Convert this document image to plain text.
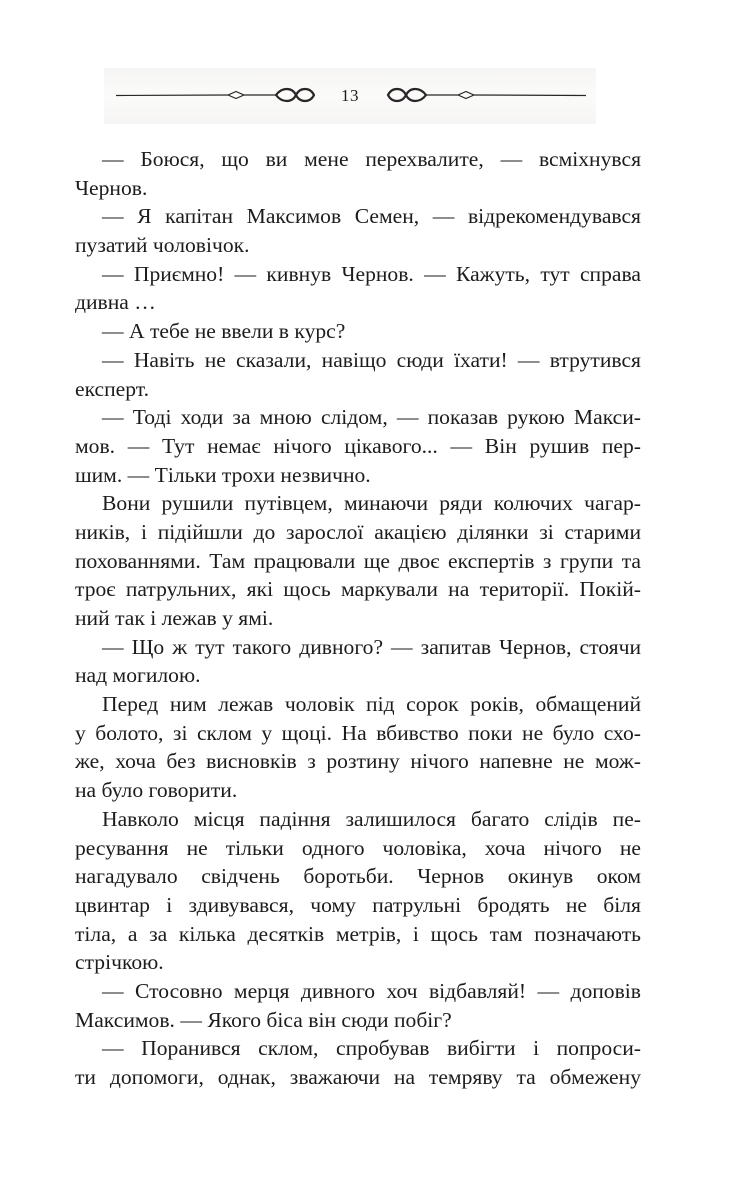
13
— Боюся, що ви мене перехвалите, — всміхнувся
Чернов.
— Я капітан Максимов Семен, — відрекомендувався
пузатий чоловічок.
— Приємно! — кивнув Чернов. — Кажуть, тут справа
дивна …
— А тебе не ввели в курс?
— Навіть не сказали, навіщо сюди їхати! — втрутився
експерт.
— Тоді ходи за мною слідом, — показав рукою Макси-
мов. — Тут немає нічого цікавого... — Він рушив пер-
шим. — Тільки трохи незвично.
Вони рушили путівцем, минаючи ряди колючих чагар-
ників, і підійшли до зарослої акацією ділянки зі старими
похованнями. Там працювали ще двоє експертів з групи та
троє патрульних, які щось маркували на території. Покій-
ний так і лежав у ямі.
— Що ж тут такого дивного? — запитав Чернов, стоячи
над могилою.
Перед ним лежав чоловік під сорок років, обмащений
у болото, зі склом у щоці. На вбивство поки не було схо-
же, хоча без висновків з розтину нічого напевне не мож-
на було говорити.
Навколо місця падіння залишилося багато слідів пе-
ресування не тільки одного чоловіка, хоча нічого не
нагадувало свідчень боротьби. Чернов окинув оком
цвинтар і здивувався, чому патрульні бродять не біля
тіла, а за кілька десятків метрів, і щось там позначають
стрічкою.
— Стосовно мерця дивного хоч відбавляй! — доповів
Максимов. — Якого біса він сюди побіг?
— Поранився склом, спробував вибігти і попроси-
ти допомоги, однак, зважаючи на темряву та обмежену
